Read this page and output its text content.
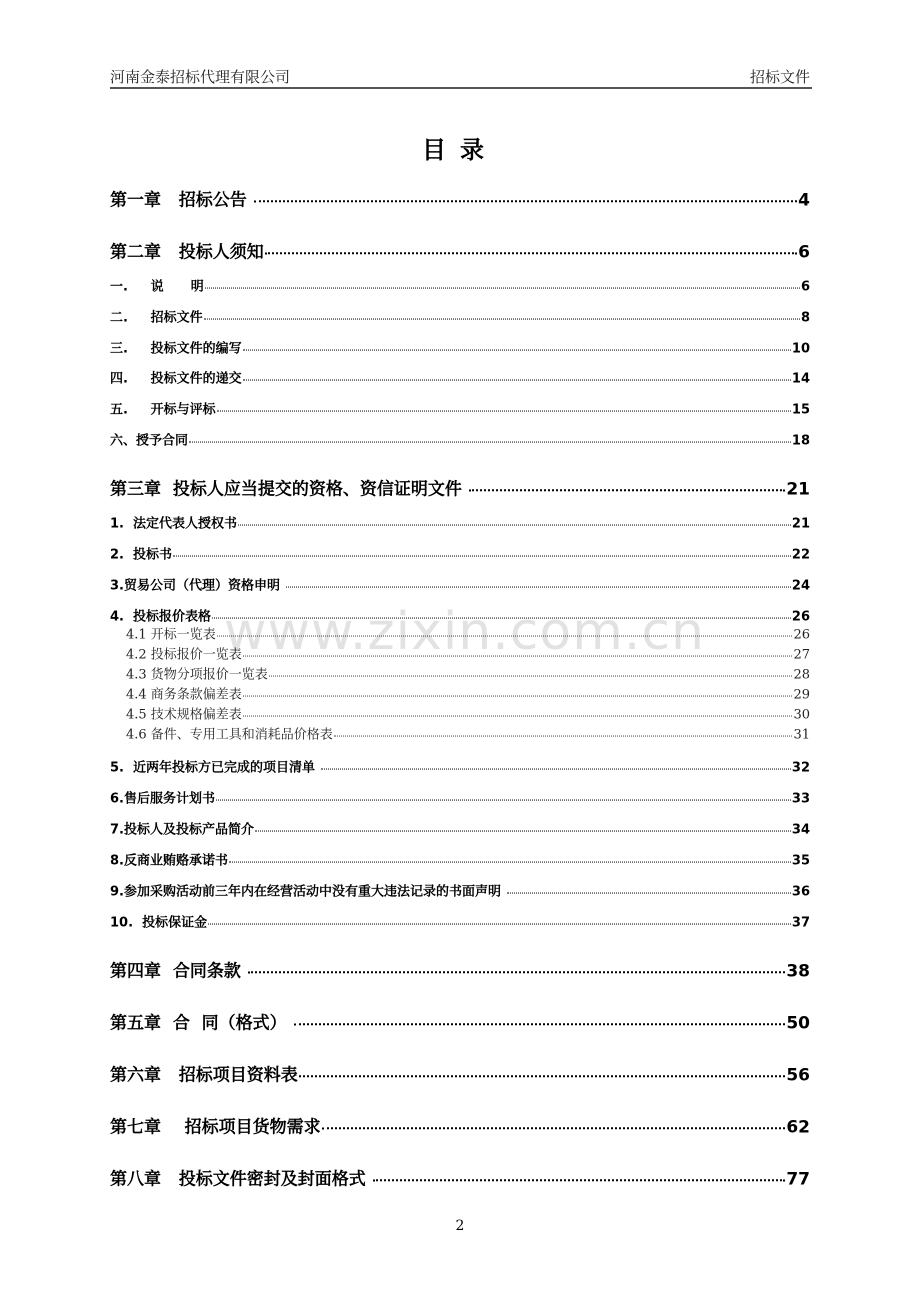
河南金泰招标代理有限公司	招标文件
目录
www.zixin.com.cn
第一章   招标公告	4
第二章   投标人须知	6
一.     说      明	6
二.     招标文件	8
三.     投标文件的编写	10
四.     投标文件的递交	14
五.     开标与评标	15
六、授予合同	18
第三章  投标人应当提交的资格、资信证明文件	21
1.  法定代表人授权书	21
2.  投标书	22
3.贸易公司（代理）资格申明	24
4.  投标报价表格	26
4.1 开标一览表	26
4.2 投标报价一览表	27
4.3 货物分项报价一览表	28
4.4 商务条款偏差表	29
4.5 技术规格偏差表	30
4.6 备件、专用工具和消耗品价格表	31
5.  近两年投标方已完成的项目清单	32
6.售后服务计划书	33
7.投标人及投标产品简介	34
8.反商业贿赂承诺书	35
9.参加采购活动前三年内在经营活动中没有重大违法记录的书面声明	36
10.  投标保证金	37
第四章  合同条款	38
第五章  合  同（格式）	50
第六章   招标项目资料表	56
第七章    招标项目货物需求	62
第八章   投标文件密封及封面格式	77
2
